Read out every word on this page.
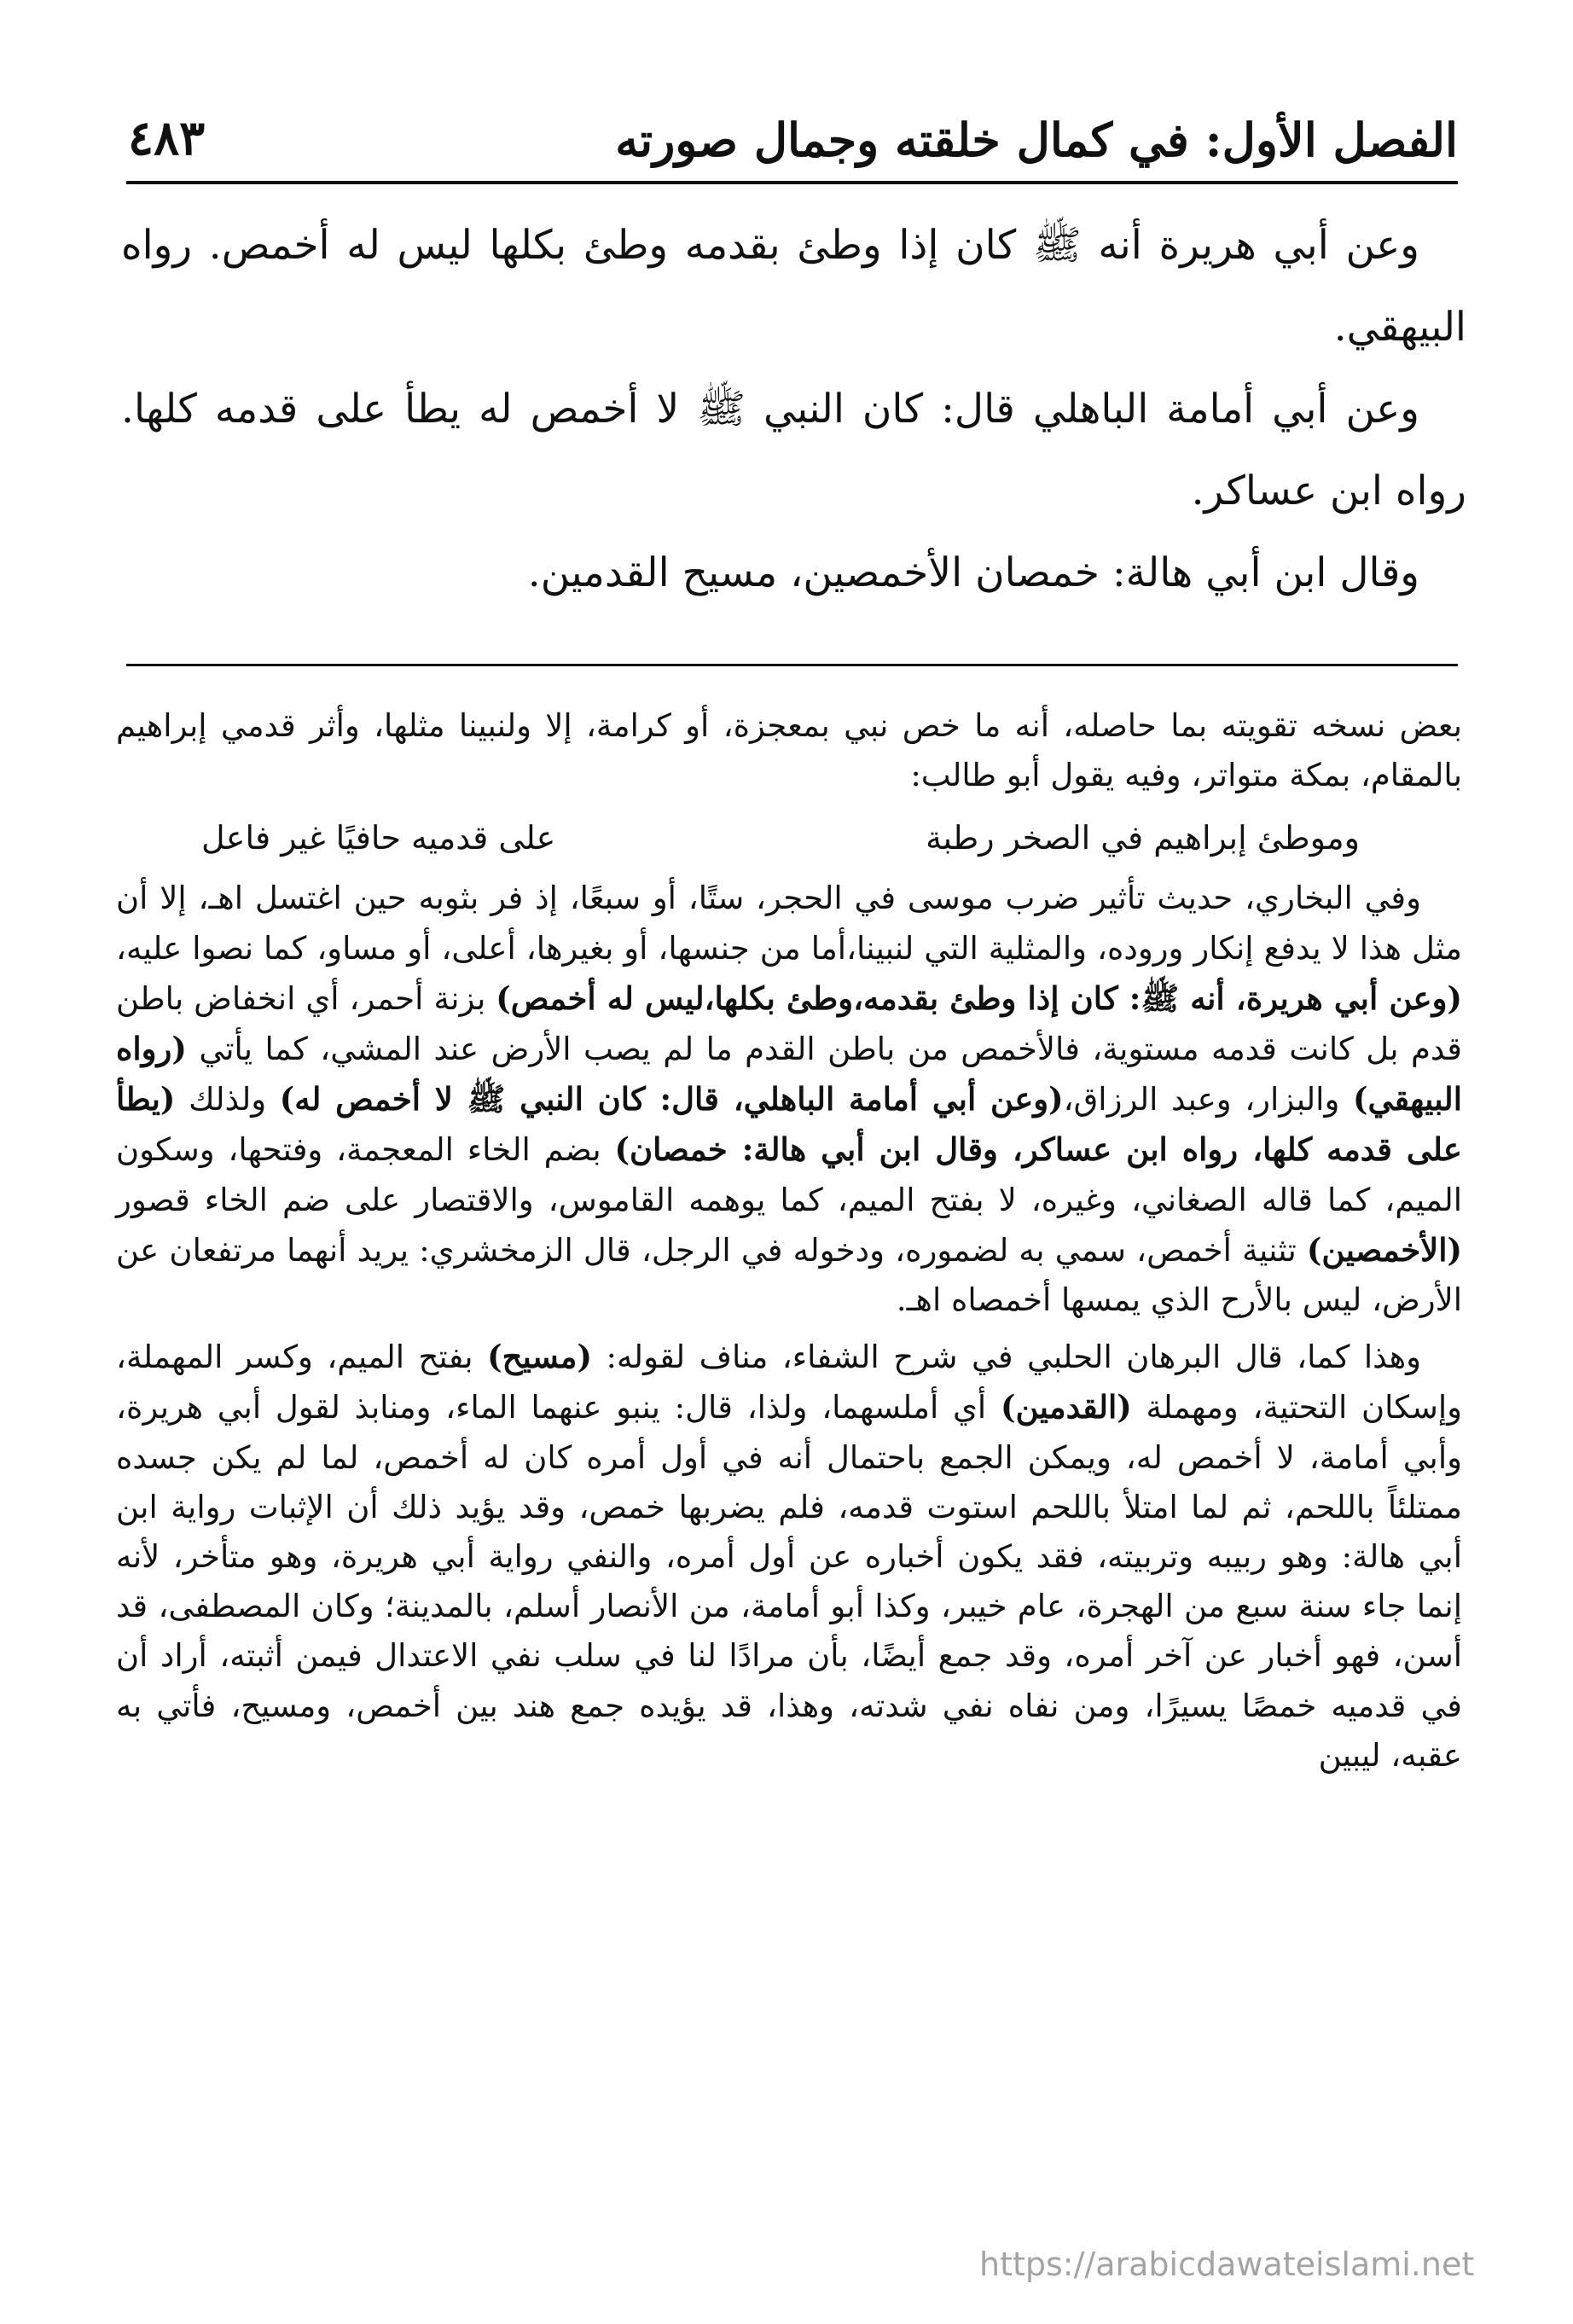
الفصل الأول: في كمال خلقته وجمال صورته
٤٨٣

وعن أبي هريرة أنه ﷺ كان إذا وطئ بقدمه وطئ بكلها ليس له أخمص. رواه البيهقي.

وعن أبي أمامة الباهلي قال: كان النبي ﷺ لا أخمص له يطأ على قدمه كلها. رواه ابن عساكر.

وقال ابن أبي هالة: خمصان الأخمصين، مسيح القدمين.

بعض نسخه تقويته بما حاصله، أنه ما خص نبي بمعجزة، أو كرامة، إلا ولنبينا مثلها، وأثر قدمي إبراهيم بالمقام، بمكة متواتر، وفيه يقول أبو طالب:

وموطئ إبراهيم في الصخر رطبة
على قدميه حافيًا غير فاعل

وفي البخاري، حديث تأثير ضرب موسى في الحجر، ستًا، أو سبعًا، إذ فر بثوبه حين اغتسل اهـ، إلا أن مثل هذا لا يدفع إنكار وروده، والمثلية التي لنبينا،أما من جنسها، أو بغيرها، أعلى، أو مساو، كما نصوا عليه، (وعن أبي هريرة، أنه ﷺ: كان إذا وطئ بقدمه،وطئ بكلها،ليس له أخمص) بزنة أحمر، أي انخفاض باطن قدم بل كانت قدمه مستوية، فالأخمص من باطن القدم ما لم يصب الأرض عند المشي، كما يأتي (رواه البيهقي) والبزار، وعبد الرزاق،(وعن أبي أمامة الباهلي، قال: كان النبي ﷺ لا أخمص له) ولذلك (يطأ على قدمه كلها، رواه ابن عساكر، وقال ابن أبي هالة: خمصان) بضم الخاء المعجمة، وفتحها، وسكون الميم، كما قاله الصغاني، وغيره، لا بفتح الميم، كما يوهمه القاموس، والاقتصار على ضم الخاء قصور (الأخمصين) تثنية أخمص، سمي به لضموره، ودخوله في الرجل، قال الزمخشري: يريد أنهما مرتفعان عن الأرض، ليس بالأرح الذي يمسها أخمصاه اهـ.

وهذا كما، قال البرهان الحلبي في شرح الشفاء، مناف لقوله: (مسيح) بفتح الميم، وكسر المهملة، وإسكان التحتية، ومهملة (القدمين) أي أملسهما، ولذا، قال: ينبو عنهما الماء، ومنابذ لقول أبي هريرة، وأبي أمامة، لا أخمص له، ويمكن الجمع باحتمال أنه في أول أمره كان له أخمص، لما لم يكن جسده ممتلئاً باللحم، ثم لما امتلأ باللحم استوت قدمه، فلم يضربها خمص، وقد يؤيد ذلك أن الإثبات رواية ابن أبي هالة: وهو ربيبه وتربيته، فقد يكون أخباره عن أول أمره، والنفي رواية أبي هريرة، وهو متأخر، لأنه إنما جاء سنة سبع من الهجرة، عام خيبر، وكذا أبو أمامة، من الأنصار أسلم، بالمدينة؛ وكان المصطفى، قد أسن، فهو أخبار عن آخر أمره، وقد جمع أيضًا، بأن مرادًا لنا في سلب نفي الاعتدال فيمن أثبته، أراد أن في قدميه خمصًا يسيرًا، ومن نفاه نفي شدته، وهذا، قد يؤيده جمع هند بين أخمص، ومسيح، فأتي به عقبه، ليبين

https://arabicdawateislami.net
